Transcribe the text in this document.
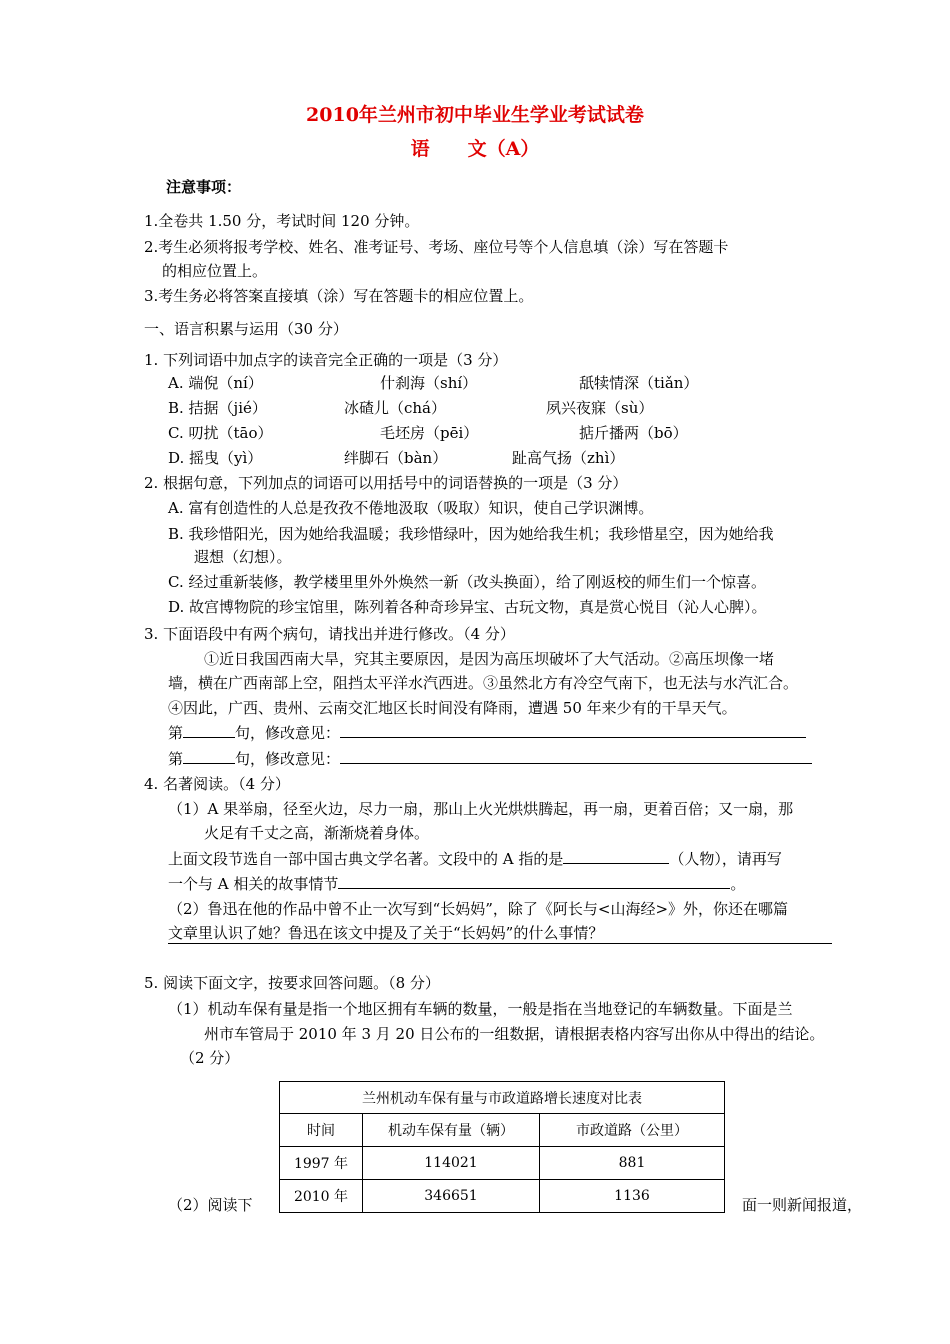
2010年兰州市初中毕业生学业考试试卷
语　　文（A）
注意事项：
1.全卷共 1.50 分，考试时间 120 分钟。
2.考生必须将报考学校、姓名、准考证号、考场、座位号等个人信息填（涂）写在答题卡
的相应位置上。
3.考生务必将答案直接填（涂）写在答题卡的相应位置上。
一、语言积累与运用（30 分）
1. 下列词语中加点字的读音完全正确的一项是（3 分）
A. 端倪（ní）	什刹海（shí）	舐犊情深（tiǎn）
B. 拮据（jié）	冰碴儿（chá）	夙兴夜寐（sù）
C. 叨扰（tāo）	毛坯房（pēi）	掂斤播两（bō）
D. 摇曳（yì）	绊脚石（bàn）	趾高气扬（zhì）
2. 根据句意，下列加点的词语可以用括号中的词语替换的一项是（3 分）
A. 富有创造性的人总是孜孜不倦地汲取（吸取）知识，使自己学识渊博。
B. 我珍惜阳光，因为她给我温暖；我珍惜绿叶，因为她给我生机；我珍惜星空，因为她给我
遐想（幻想）。
C. 经过重新装修，教学楼里里外外焕然一新（改头换面），给了刚返校的师生们一个惊喜。
D. 故宫博物院的珍宝馆里，陈列着各种奇珍异宝、古玩文物，真是赏心悦目（沁人心脾）。
3. 下面语段中有两个病句，请找出并进行修改。（4 分）
①近日我国西南大旱，究其主要原因，是因为高压坝破坏了大气活动。②高压坝像一堵
墙，横在广西南部上空，阻挡太平洋水汽西进。③虽然北方有冷空气南下，也无法与水汽汇合。
④因此，广西、贵州、云南交汇地区长时间没有降雨，遭遇 50 年来少有的干旱天气。
第	句，修改意见：
第	句，修改意见：
4. 名著阅读。（4 分）
（1）A 果举扇，径至火边，尽力一扇，那山上火光烘烘腾起，再一扇，更着百倍；又一扇，那
火足有千丈之高，渐渐烧着身体。
上面文段节选自一部中国古典文学名著。文段中的 A 指的是	（人物），请再写
一个与 A 相关的故事情节	。
（2）鲁迅在他的作品中曾不止一次写到“长妈妈”，除了《阿长与<山海经>》外，你还在哪篇
文章里认识了她？鲁迅在该文中提及了关于“长妈妈”的什么事情？
5. 阅读下面文字，按要求回答问题。（8 分）
（1）机动车保有量是指一个地区拥有车辆的数量，一般是指在当地登记的车辆数量。下面是兰
州市车管局于 2010 年 3 月 20 日公布的一组数据，请根据表格内容写出你从中得出的结论。
（2 分）
兰州机动车保有量与市政道路增长速度对比表		
时间	机动车保有量（辆）	市政道路（公里）
1997 年	114021	881
2010 年	346651	1136
（2）阅读下	面一则新闻报道，
